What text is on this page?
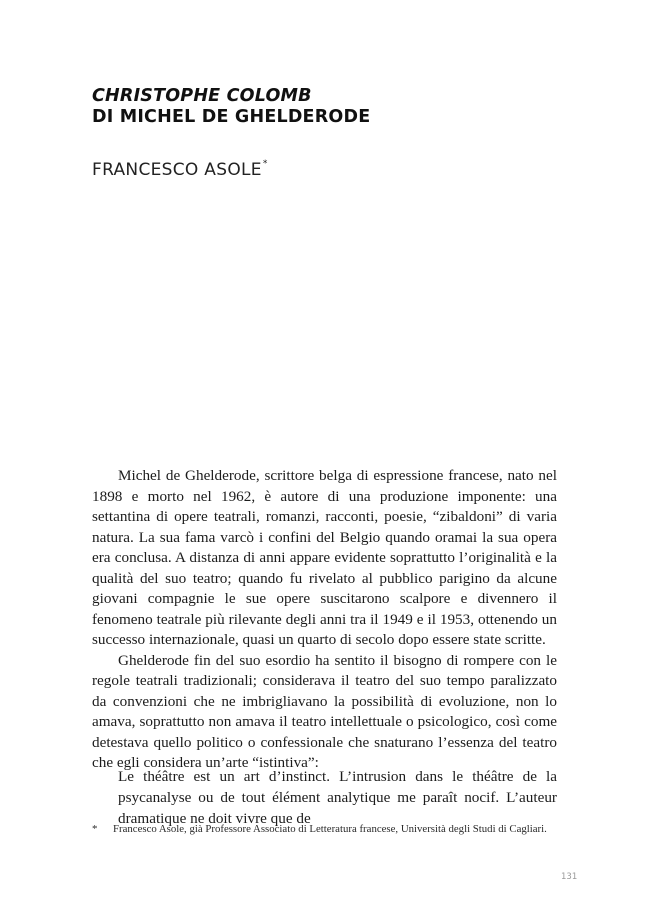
CHRISTOPHE COLOMB
DI MICHEL DE GHELDERODE
FRANCESCO ASOLE*

Michel de Ghelderode, scrittore belga di espressione francese, nato nel 1898 e morto nel 1962, è autore di una produzione imponente: una settantina di opere teatrali, romanzi, racconti, poesie, “zibaldoni” di varia natura. La sua fama varcò i confini del Belgio quando oramai la sua opera era conclusa. A distanza di anni appare evidente soprattutto l’originalità e la qualità del suo teatro; quando fu rivelato al pubblico parigino da alcune giovani compagnie le sue opere suscitarono scalpore e divennero il fenomeno teatrale più rilevante degli anni tra il 1949 e il 1953, ottenendo un successo internazionale, quasi un quarto di secolo dopo essere state scritte.

Ghelderode fin del suo esordio ha sentito il bisogno di rompere con le regole teatrali tradizionali; considerava il teatro del suo tempo paralizzato da convenzioni che ne imbrigliavano la possibilità di evoluzione, non lo amava, soprattutto non amava il teatro intellettuale o psicologico, così come detestava quello politico o confessionale che snaturano l’essenza del teatro che egli considera un’arte “istintiva”:

Le théâtre est un art d’instinct. L’intrusion dans le théâtre de la psycanalyse ou de tout élément analytique me paraît nocif. L’auteur dramatique ne doit vivre que de

* Francesco Asole, già Professore Associato di Letteratura francese, Università degli Studi di Cagliari.

131
